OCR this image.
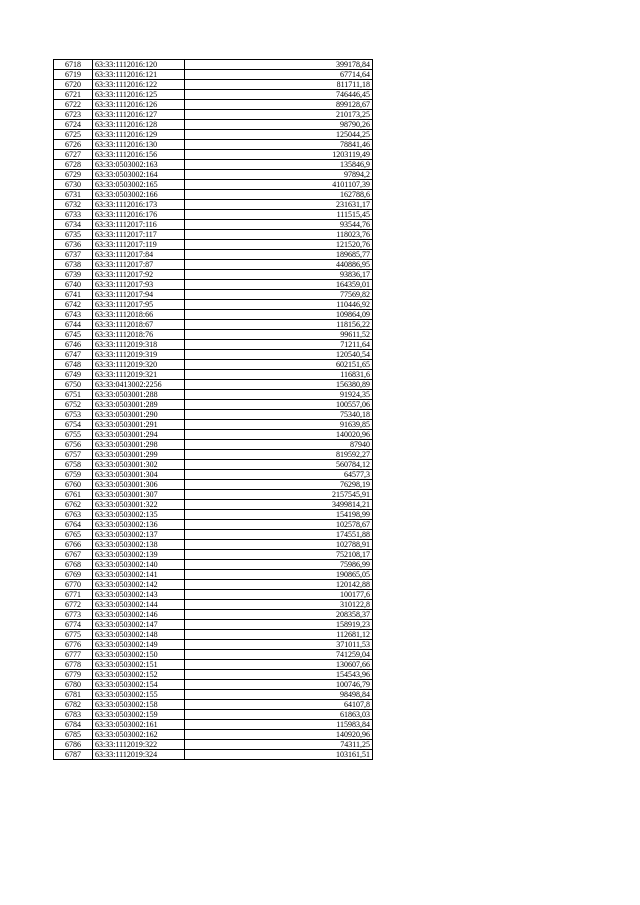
6718	63:33:1112016:120	399178,84
6719	63:33:1112016:121	67714,64
6720	63:33:1112016:122	811711,18
6721	63:33:1112016:125	746446,45
6722	63:33:1112016:126	899128,67
6723	63:33:1112016:127	210173,25
6724	63:33:1112016:128	98790,26
6725	63:33:1112016:129	125044,25
6726	63:33:1112016:130	78841,46
6727	63:33:1112016:156	1203119,49
6728	63:33:0503002:163	135846,9
6729	63:33:0503002:164	97894,2
6730	63:33:0503002:165	4101107,39
6731	63:33:0503002:166	162788,6
6732	63:33:1112016:173	231631,17
6733	63:33:1112016:176	111515,45
6734	63:33:1112017:116	93544,76
6735	63:33:1112017:117	118023,76
6736	63:33:1112017:119	121520,76
6737	63:33:1112017:84	189685,77
6738	63:33:1112017:87	440886,95
6739	63:33:1112017:92	93836,17
6740	63:33:1112017:93	164359,01
6741	63:33:1112017:94	77569,82
6742	63:33:1112017:95	110446,92
6743	63:33:1112018:66	109864,09
6744	63:33:1112018:67	118156,22
6745	63:33:1112018:76	99611,52
6746	63:33:1112019:318	71211,64
6747	63:33:1112019:319	120540,54
6748	63:33:1112019:320	602151,65
6749	63:33:1112019:321	116831,6
6750	63:33:0413002:2256	156380,89
6751	63:33:0503001:288	91924,35
6752	63:33:0503001:289	100557,06
6753	63:33:0503001:290	75340,18
6754	63:33:0503001:291	91639,85
6755	63:33:0503001:294	140020,96
6756	63:33:0503001:298	87940
6757	63:33:0503001:299	819592,27
6758	63:33:0503001:302	560784,12
6759	63:33:0503001:304	64577,3
6760	63:33:0503001:306	76298,19
6761	63:33:0503001:307	2157545,91
6762	63:33:0503001:322	3499814,21
6763	63:33:0503002:135	154198,99
6764	63:33:0503002:136	102578,67
6765	63:33:0503002:137	174551,88
6766	63:33:0503002:138	102788,91
6767	63:33:0503002:139	752108,17
6768	63:33:0503002:140	75986,99
6769	63:33:0503002:141	190865,05
6770	63:33:0503002:142	120142,88
6771	63:33:0503002:143	100177,6
6772	63:33:0503002:144	310122,8
6773	63:33:0503002:146	208358,37
6774	63:33:0503002:147	158919,23
6775	63:33:0503002:148	112681,12
6776	63:33:0503002:149	371011,53
6777	63:33:0503002:150	741259,04
6778	63:33:0503002:151	130607,66
6779	63:33:0503002:152	154543,96
6780	63:33:0503002:154	100746,79
6781	63:33:0503002:155	98498,84
6782	63:33:0503002:158	64107,8
6783	63:33:0503002:159	61863,03
6784	63:33:0503002:161	115983,84
6785	63:33:0503002:162	140920,96
6786	63:33:1112019:322	74311,25
6787	63:33:1112019:324	103161,51
